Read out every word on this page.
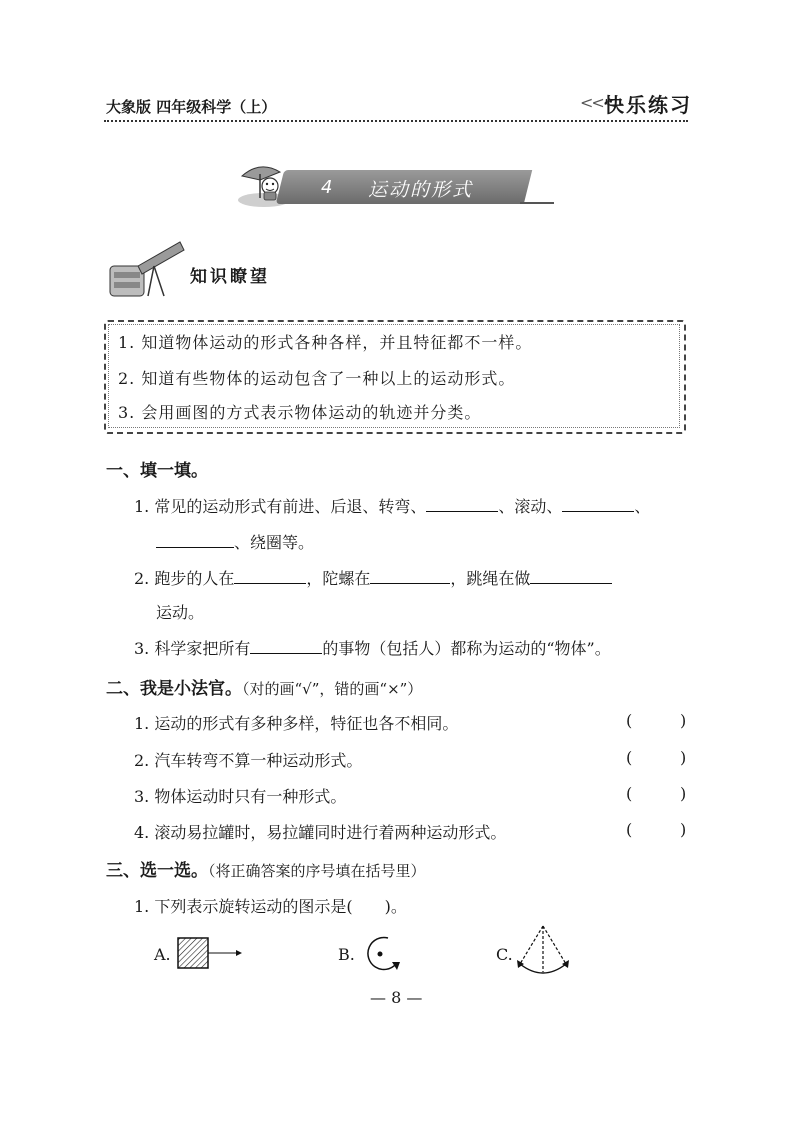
大象版 四年级科学（上）	<<<
快乐练习
4 运动的形式
知识瞭望
1. 知道物体运动的形式各种各样，并且特征都不一样。
2. 知道有些物体的运动包含了一种以上的运动形式。
3. 会用画图的方式表示物体运动的轨迹并分类。
一、填一填。
1. 常见的运动形式有前进、后退、转弯、	、滚动、	、
、绕圈等。
2. 跑步的人在	，陀螺在	，跳绳在做
运动。
3. 科学家把所有	的事物（包括人）都称为运动的“物体”。
二、我是小法官。（对的画“√”，错的画“×”）
1. 运动的形式有多种多样，特征也各不相同。
2. 汽车转弯不算一种运动形式。
3. 物体运动时只有一种形式。
4. 滚动易拉罐时，易拉罐同时进行着两种运动形式。
(	)
(	)
(	)
(	)
三、选一选。（将正确答案的序号填在括号里）
1. 下列表示旋转运动的图示是(　　)。
A.	B.	C.
— 8 —
